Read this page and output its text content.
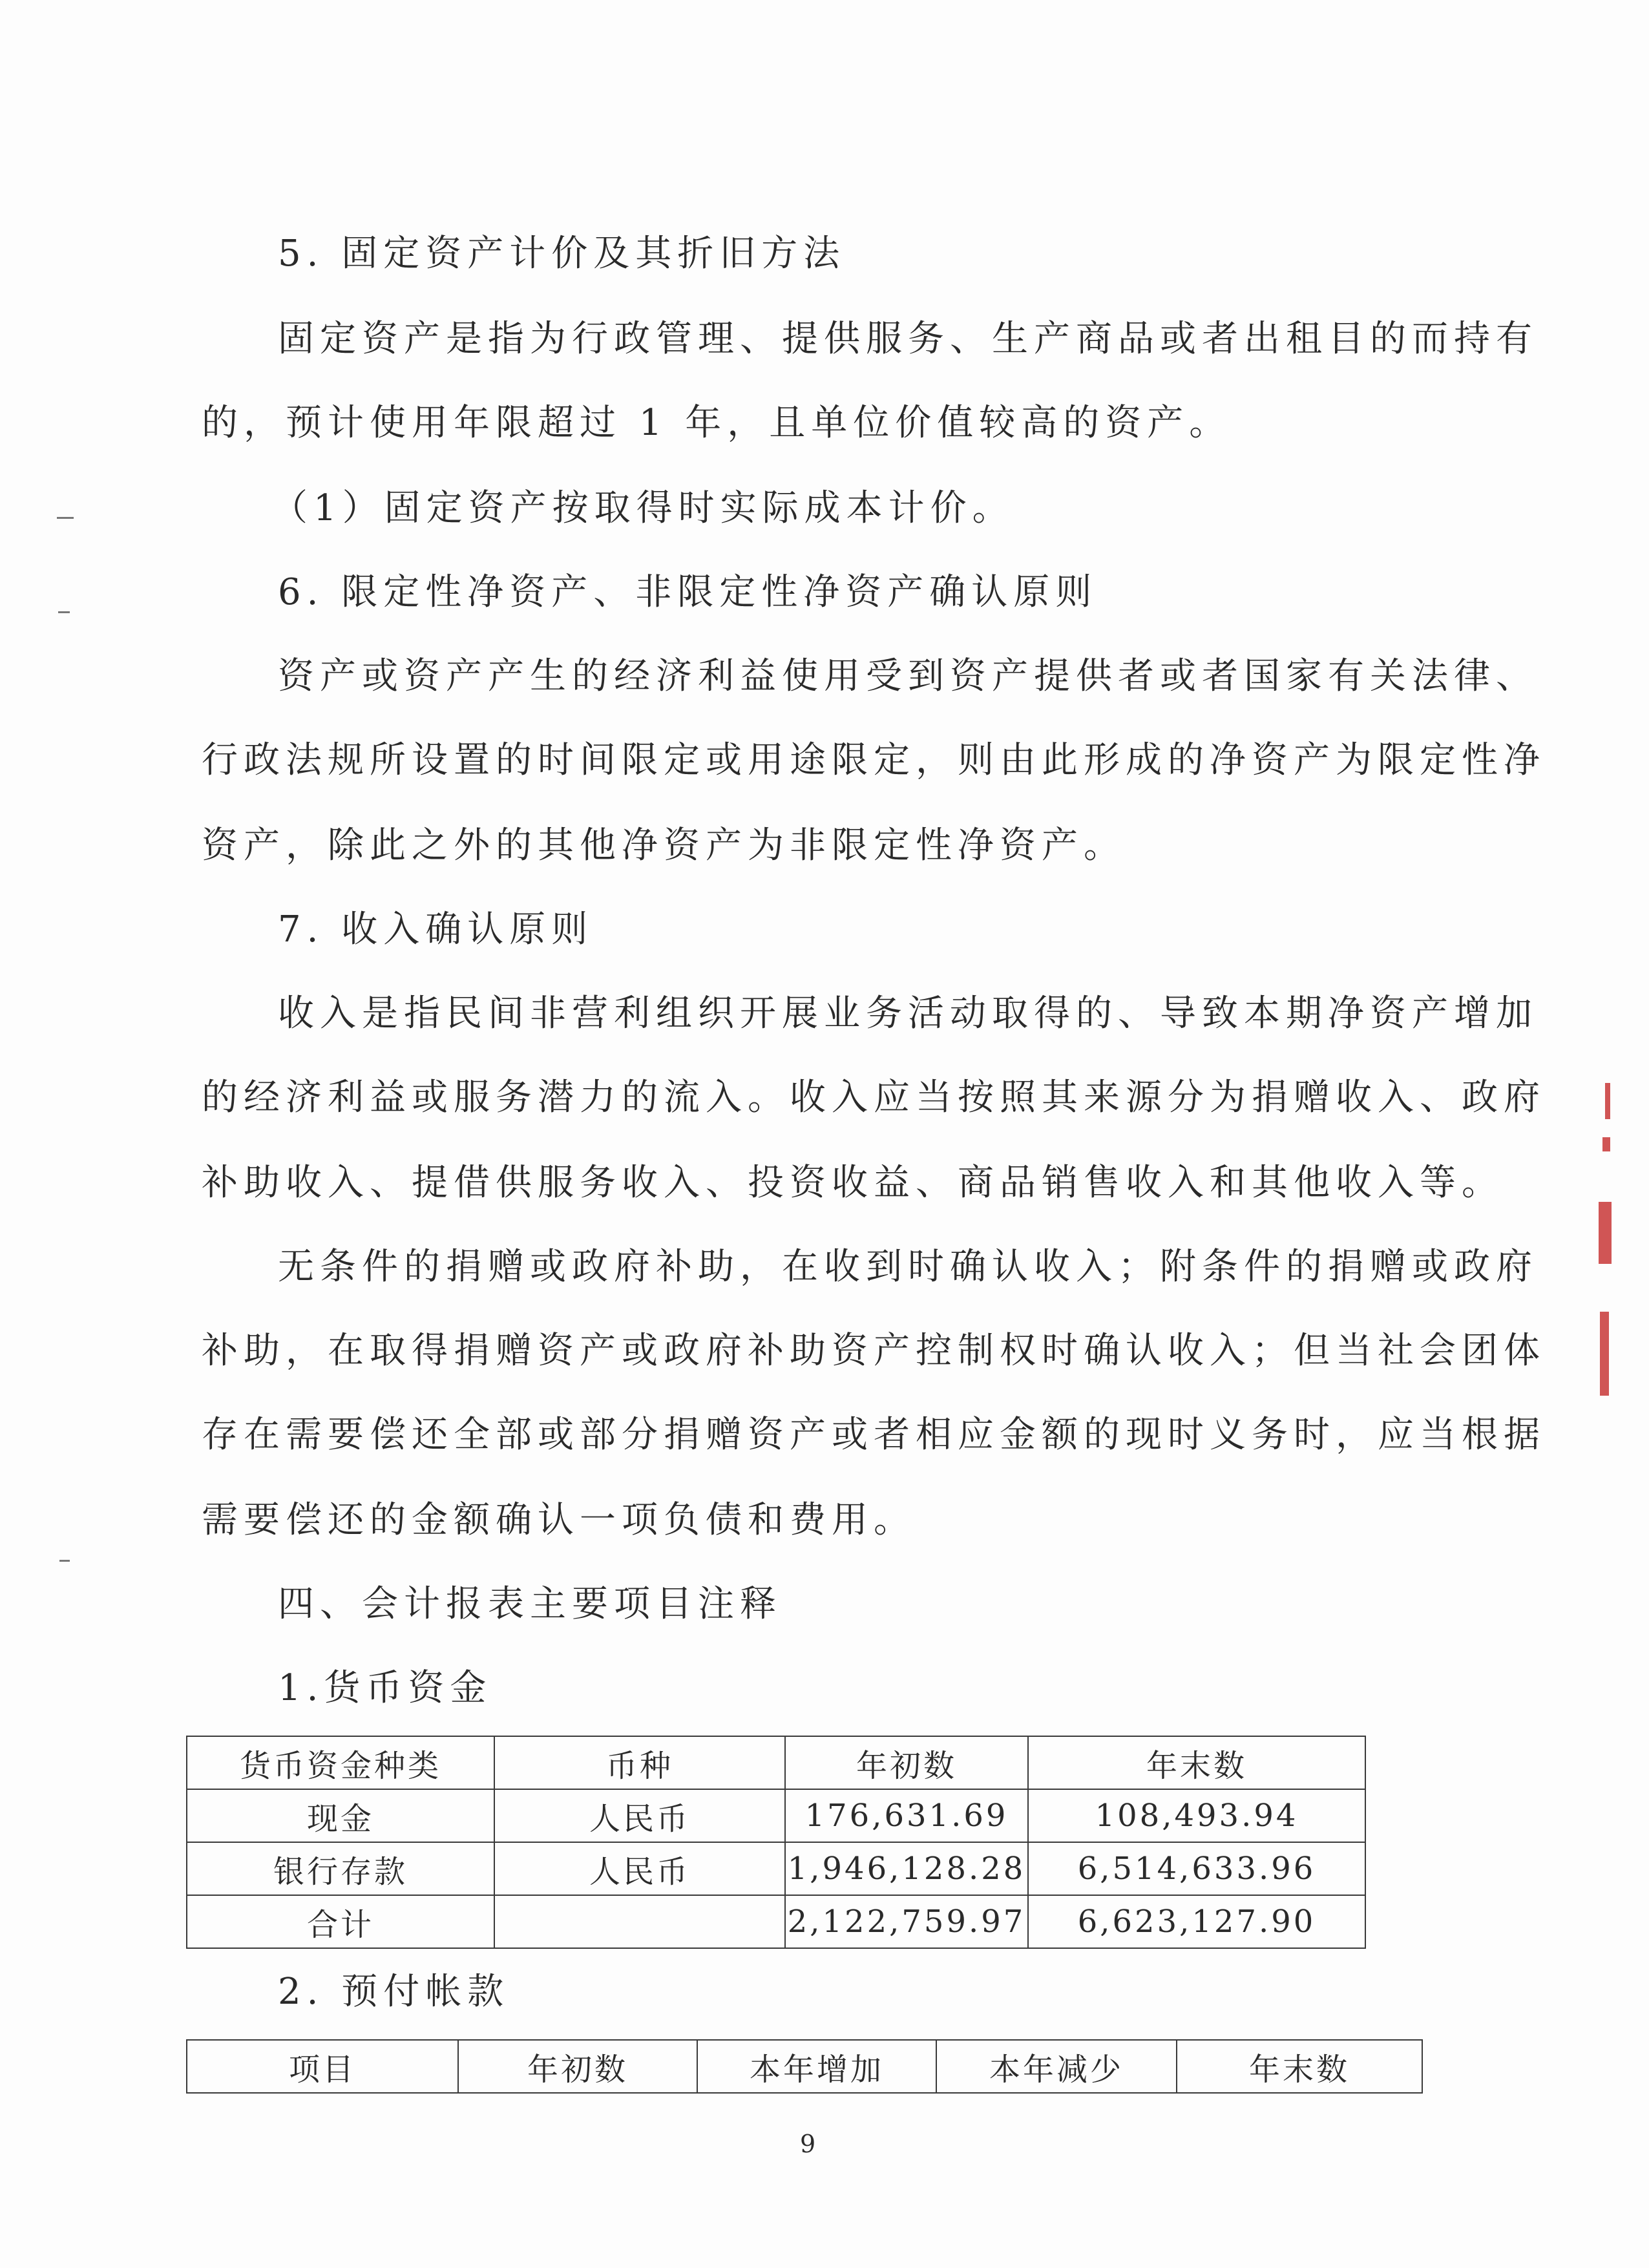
5. 固定资产计价及其折旧方法
固定资产是指为行政管理、提供服务、生产商品或者出租目的而持有
的，预计使用年限超过 1 年，且单位价值较高的资产。
（1）固定资产按取得时实际成本计价。
6. 限定性净资产、非限定性净资产确认原则
资产或资产产生的经济利益使用受到资产提供者或者国家有关法律、
行政法规所设置的时间限定或用途限定，则由此形成的净资产为限定性净
资产，除此之外的其他净资产为非限定性净资产。
7. 收入确认原则
收入是指民间非营利组织开展业务活动取得的、导致本期净资产增加
的经济利益或服务潜力的流入。收入应当按照其来源分为捐赠收入、政府
补助收入、提借供服务收入、投资收益、商品销售收入和其他收入等。
无条件的捐赠或政府补助，在收到时确认收入；附条件的捐赠或政府
补助，在取得捐赠资产或政府补助资产控制权时确认收入；但当社会团体
存在需要偿还全部或部分捐赠资产或者相应金额的现时义务时，应当根据
需要偿还的金额确认一项负债和费用。
四、会计报表主要项目注释
1.货币资金
货币资金种类	币种	年初数	年末数
现金	人民币	176,631.69	108,493.94
银行存款	人民币	1,946,128.28	6,514,633.96
合计		2,122,759.97	6,623,127.90
2. 预付帐款
项目	年初数	本年增加	本年减少	年末数
9
